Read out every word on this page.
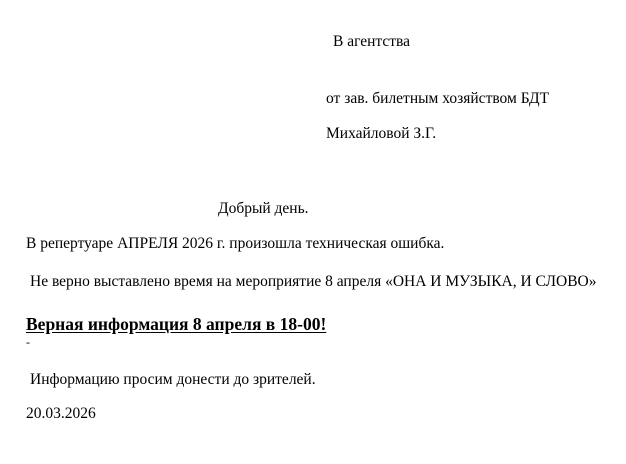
В агентства
от зав. билетным хозяйством БДТ
Михайловой З.Г.
Добрый день.
В репертуаре АПРЕЛЯ 2026 г. произошла техническая ошибка.
Не верно выставлено время на мероприятие 8 апреля «ОНА И МУЗЫКА, И СЛОВО»
Верная информация 8 апреля в 18-00!
-
Информацию просим донести до зрителей.
20.03.2026
